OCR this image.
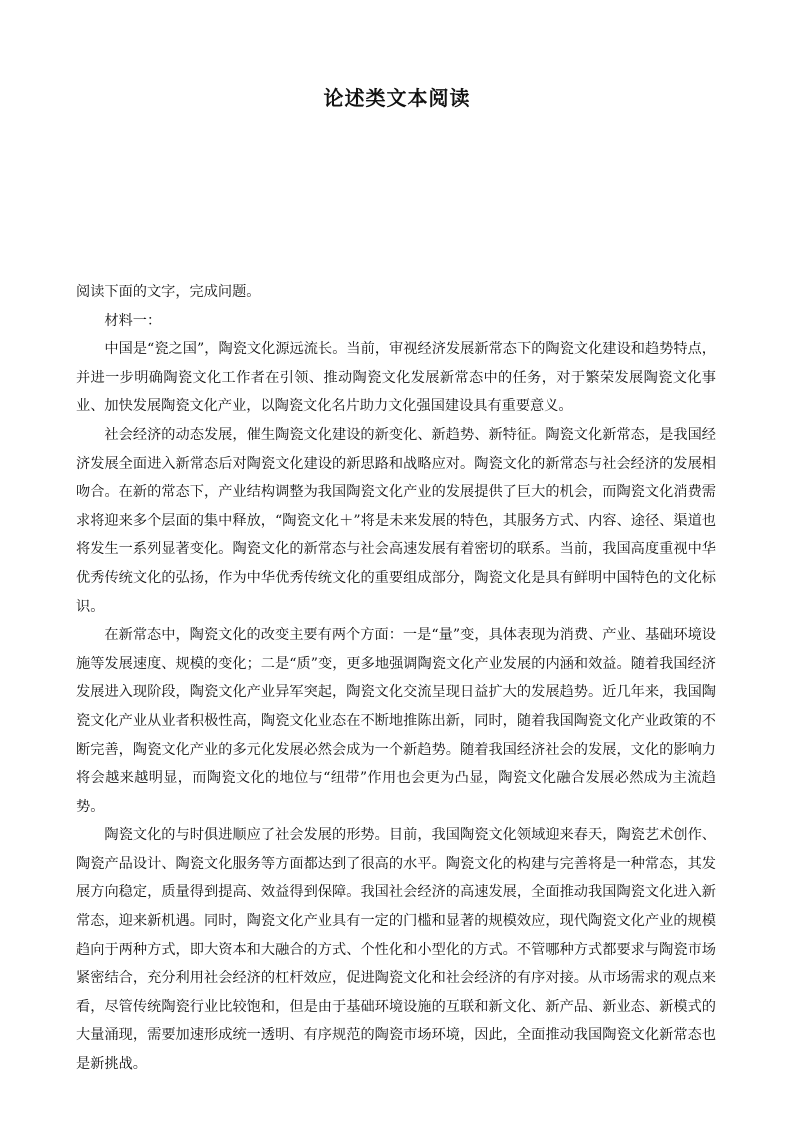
论述类文本阅读

阅读下面的文字，完成问题。

材料一：

中国是“瓷之国”，陶瓷文化源远流长。当前，审视经济发展新常态下的陶瓷文化建设和趋势特点，并进一步明确陶瓷文化工作者在引领、推动陶瓷文化发展新常态中的任务，对于繁荣发展陶瓷文化事业、加快发展陶瓷文化产业，以陶瓷文化名片助力文化强国建设具有重要意义。

社会经济的动态发展，催生陶瓷文化建设的新变化、新趋势、新特征。陶瓷文化新常态，是我国经济发展全面进入新常态后对陶瓷文化建设的新思路和战略应对。陶瓷文化的新常态与社会经济的发展相吻合。在新的常态下，产业结构调整为我国陶瓷文化产业的发展提供了巨大的机会，而陶瓷文化消费需求将迎来多个层面的集中释放，“陶瓷文化＋”将是未来发展的特色，其服务方式、内容、途径、渠道也将发生一系列显著变化。陶瓷文化的新常态与社会高速发展有着密切的联系。当前，我国高度重视中华优秀传统文化的弘扬，作为中华优秀传统文化的重要组成部分，陶瓷文化是具有鲜明中国特色的文化标识。

在新常态中，陶瓷文化的改变主要有两个方面：一是“量”变，具体表现为消费、产业、基础环境设施等发展速度、规模的变化；二是“质”变，更多地强调陶瓷文化产业发展的内涵和效益。随着我国经济发展进入现阶段，陶瓷文化产业异军突起，陶瓷文化交流呈现日益扩大的发展趋势。近几年来，我国陶瓷文化产业从业者积极性高，陶瓷文化业态在不断地推陈出新，同时，随着我国陶瓷文化产业政策的不断完善，陶瓷文化产业的多元化发展必然会成为一个新趋势。随着我国经济社会的发展，文化的影响力将会越来越明显，而陶瓷文化的地位与“纽带”作用也会更为凸显，陶瓷文化融合发展必然成为主流趋势。

陶瓷文化的与时俱进顺应了社会发展的形势。目前，我国陶瓷文化领域迎来春天，陶瓷艺术创作、陶瓷产品设计、陶瓷文化服务等方面都达到了很高的水平。陶瓷文化的构建与完善将是一种常态，其发展方向稳定，质量得到提高、效益得到保障。我国社会经济的高速发展，全面推动我国陶瓷文化进入新常态，迎来新机遇。同时，陶瓷文化产业具有一定的门槛和显著的规模效应，现代陶瓷文化产业的规模趋向于两种方式，即大资本和大融合的方式、个性化和小型化的方式。不管哪种方式都要求与陶瓷市场紧密结合，充分利用社会经济的杠杆效应，促进陶瓷文化和社会经济的有序对接。从市场需求的观点来看，尽管传统陶瓷行业比较饱和，但是由于基础环境设施的互联和新文化、新产品、新业态、新模式的大量涌现，需要加速形成统一透明、有序规范的陶瓷市场环境，因此，全面推动我国陶瓷文化新常态也是新挑战。
